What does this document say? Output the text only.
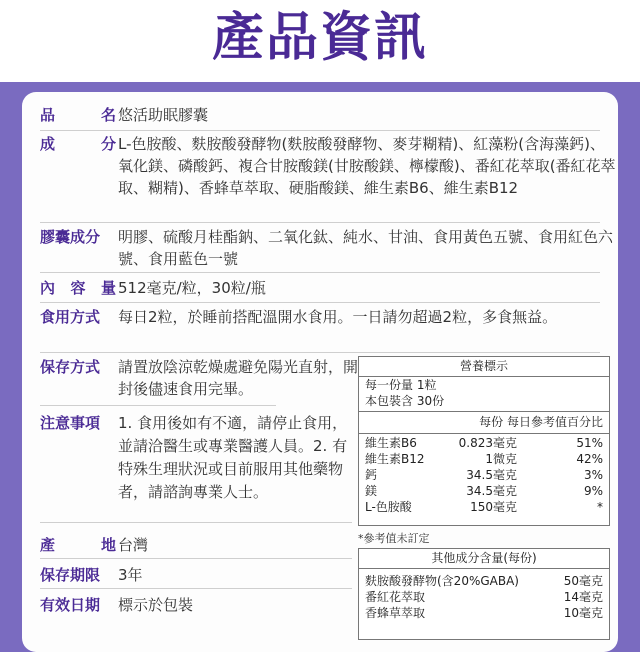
產品資訊
品	名 悠活助眠膠囊
成	分 L-色胺酸、麩胺酸發酵物(麩胺酸發酵物、麥芽糊精)、紅藻粉(含海藻鈣)、氧化鎂、磷酸鈣、複合甘胺酸鎂(甘胺酸鎂、檸檬酸)、番紅花萃取(番紅花萃取、糊精)、香蜂草萃取、硬脂酸鎂、維生素B6、維生素B12
膠囊成分	明膠、硫酸月桂酯鈉、二氧化鈦、純水、甘油、食用黃色五號、食用紅色六號、食用藍色一號
內 容 量 512毫克/粒，30粒/瓶
食用方式	每日2粒，於睡前搭配溫開水食用。一日請勿超過2粒，多食無益。
保存方式	請置放陰涼乾燥處避免陽光直射，開封後儘速食用完畢。
注意事項	1. 食用後如有不適，請停止食用，並請洽醫生或專業醫護人員。2. 有特殊生理狀況或目前服用其他藥物者，請諮詢專業人士。
產	地 台灣
保存期限	3年
有效日期	標示於包裝
營養標示
每一份量 1粒
本包裝含 30份
每份 每日參考值百分比
維生素B6	0.823毫克	51%
維生素B12	1微克	42%
鈣	34.5毫克	3%
鎂	34.5毫克	9%
L-色胺酸	150毫克	*
*參考值未訂定
其他成分含量(每份)
麩胺酸發酵物(含20%GABA)	50毫克
番紅花萃取	14毫克
香蜂草萃取	10毫克
